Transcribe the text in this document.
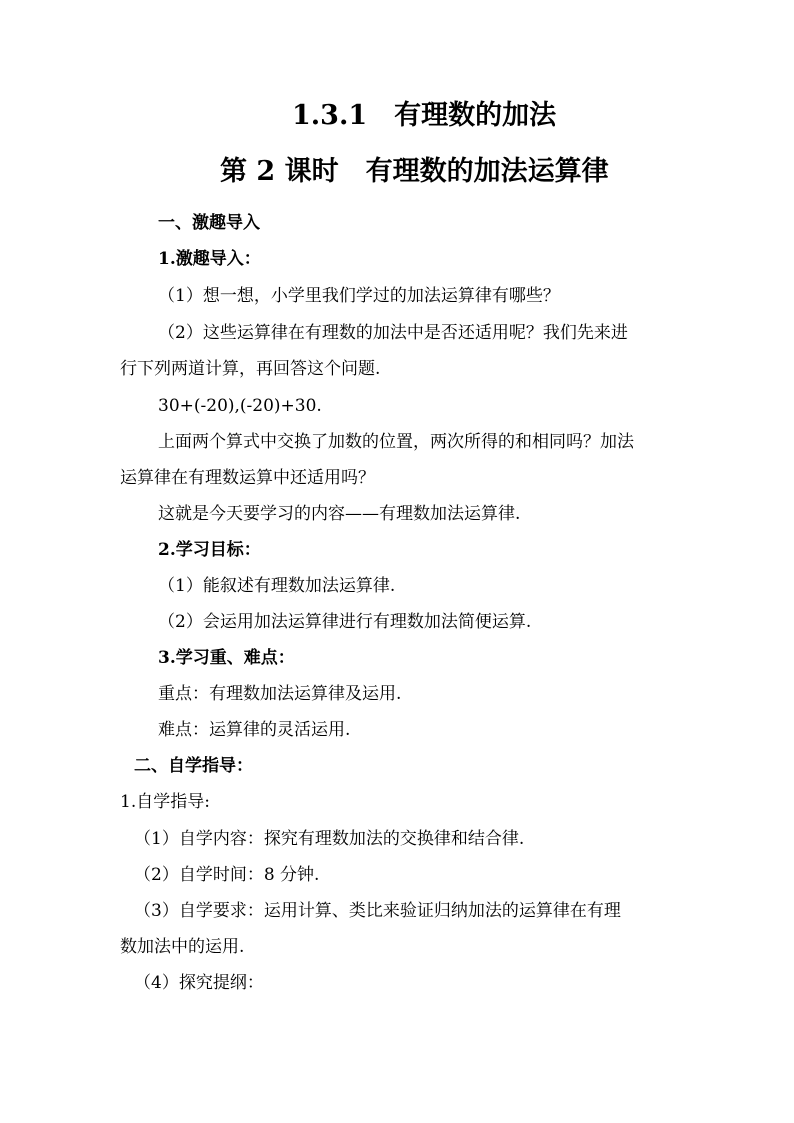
1.3.1　有理数的加法
第 2 课时　有理数的加法运算律
一、激趣导入
1.激趣导入：
（1）想一想，小学里我们学过的加法运算律有哪些？
（2）这些运算律在有理数的加法中是否还适用呢？我们先来进
行下列两道计算，再回答这个问题.
30+(-20),(-20)+30.
上面两个算式中交换了加数的位置，两次所得的和相同吗？加法
运算律在有理数运算中还适用吗？
这就是今天要学习的内容——有理数加法运算律.
2.学习目标：
（1）能叙述有理数加法运算律.
（2）会运用加法运算律进行有理数加法简便运算.
3.学习重、难点：
重点：有理数加法运算律及运用.
难点：运算律的灵活运用.
二、自学指导：
1.自学指导:
（1）自学内容：探究有理数加法的交换律和结合律.
（2）自学时间：8 分钟.
（3）自学要求：运用计算、类比来验证归纳加法的运算律在有理
数加法中的运用.
（4）探究提纲：
